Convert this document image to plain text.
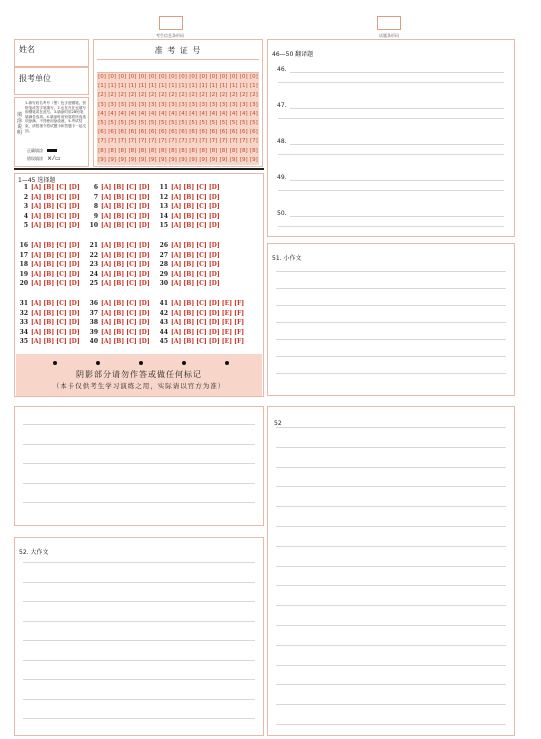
考生信息条形码	试题条形码
姓名
报考单位
填涂说明
1.填写姓名考号（黑）色字迹钢笔。资格笔或签字笔填写。2.也在在在也填写和钢笔或在此写。3.填涂时用2B铅笔填满各选项。4.填涂时用铅笔将所选选项涂满，不得使用涂改液。5.考试结束，请按指令将试题卡和答题卡一起交回。
正确填涂
错误填涂 ⨯⁄▭
准 考 证 号
[0] [0] [0] [0] [0] [0] [0] [0] [0] [0] [0] [0] [0] [0] [0] [0]
[1] [1] [1] [1] [1] [1] [1] [1] [1] [1] [1] [1] [1] [1] [1] [1]
[2] [2] [2] [2] [2] [2] [2] [2] [2] [2] [2] [2] [2] [2] [2] [2]
[3] [3] [3] [3] [3] [3] [3] [3] [3] [3] [3] [3] [3] [3] [3] [3]
[4] [4] [4] [4] [4] [4] [4] [4] [4] [4] [4] [4] [4] [4] [4] [4]
[5] [5] [5] [5] [5] [5] [5] [5] [5] [5] [5] [5] [5] [5] [5] [5]
[6] [6] [6] [6] [6] [6] [6] [6] [6] [6] [6] [6] [6] [6] [6] [6]
[7] [7] [7] [7] [7] [7] [7] [7] [7] [7] [7] [7] [7] [7] [7] [7]
[8] [8] [8] [8] [8] [8] [8] [8] [8] [8] [8] [8] [8] [8] [8] [8]
[9] [9] [9] [9] [9] [9] [9] [9] [9] [9] [9] [9] [9] [9] [9] [9]
1—45 选择题
1 [A] [B] [C] [D]
2 [A] [B] [C] [D]
3 [A] [B] [C] [D]
4 [A] [B] [C] [D]
5 [A] [B] [C] [D]
6 [A] [B] [C] [D]
7 [A] [B] [C] [D]
8 [A] [B] [C] [D]
9 [A] [B] [C] [D]
10 [A] [B] [C] [D]
11 [A] [B] [C] [D]
12 [A] [B] [C] [D]
13 [A] [B] [C] [D]
14 [A] [B] [C] [D]
15 [A] [B] [C] [D]
16 [A] [B] [C] [D]
17 [A] [B] [C] [D]
18 [A] [B] [C] [D]
19 [A] [B] [C] [D]
20 [A] [B] [C] [D]
21 [A] [B] [C] [D]
22 [A] [B] [C] [D]
23 [A] [B] [C] [D]
24 [A] [B] [C] [D]
25 [A] [B] [C] [D]
26 [A] [B] [C] [D]
27 [A] [B] [C] [D]
28 [A] [B] [C] [D]
29 [A] [B] [C] [D]
30 [A] [B] [C] [D]
31 [A] [B] [C] [D]
32 [A] [B] [C] [D]
33 [A] [B] [C] [D]
34 [A] [B] [C] [D]
35 [A] [B] [C] [D]
36 [A] [B] [C] [D]
37 [A] [B] [C] [D]
38 [A] [B] [C] [D]
39 [A] [B] [C] [D]
40 [A] [B] [C] [D]
41 [A] [B] [C] [D] [E] [F]
42 [A] [B] [C] [D] [E] [F]
43 [A] [B] [C] [D] [E] [F]
44 [A] [B] [C] [D] [E] [F]
45 [A] [B] [C] [D] [E] [F]
阴影部分请勿作答或做任何标记
（本卡仅供考生学习演练之用，实际请以官方为准）
46—50 翻译题
46.
47.
48.
49.
50.
51. 小作文
52
52. 大作文
